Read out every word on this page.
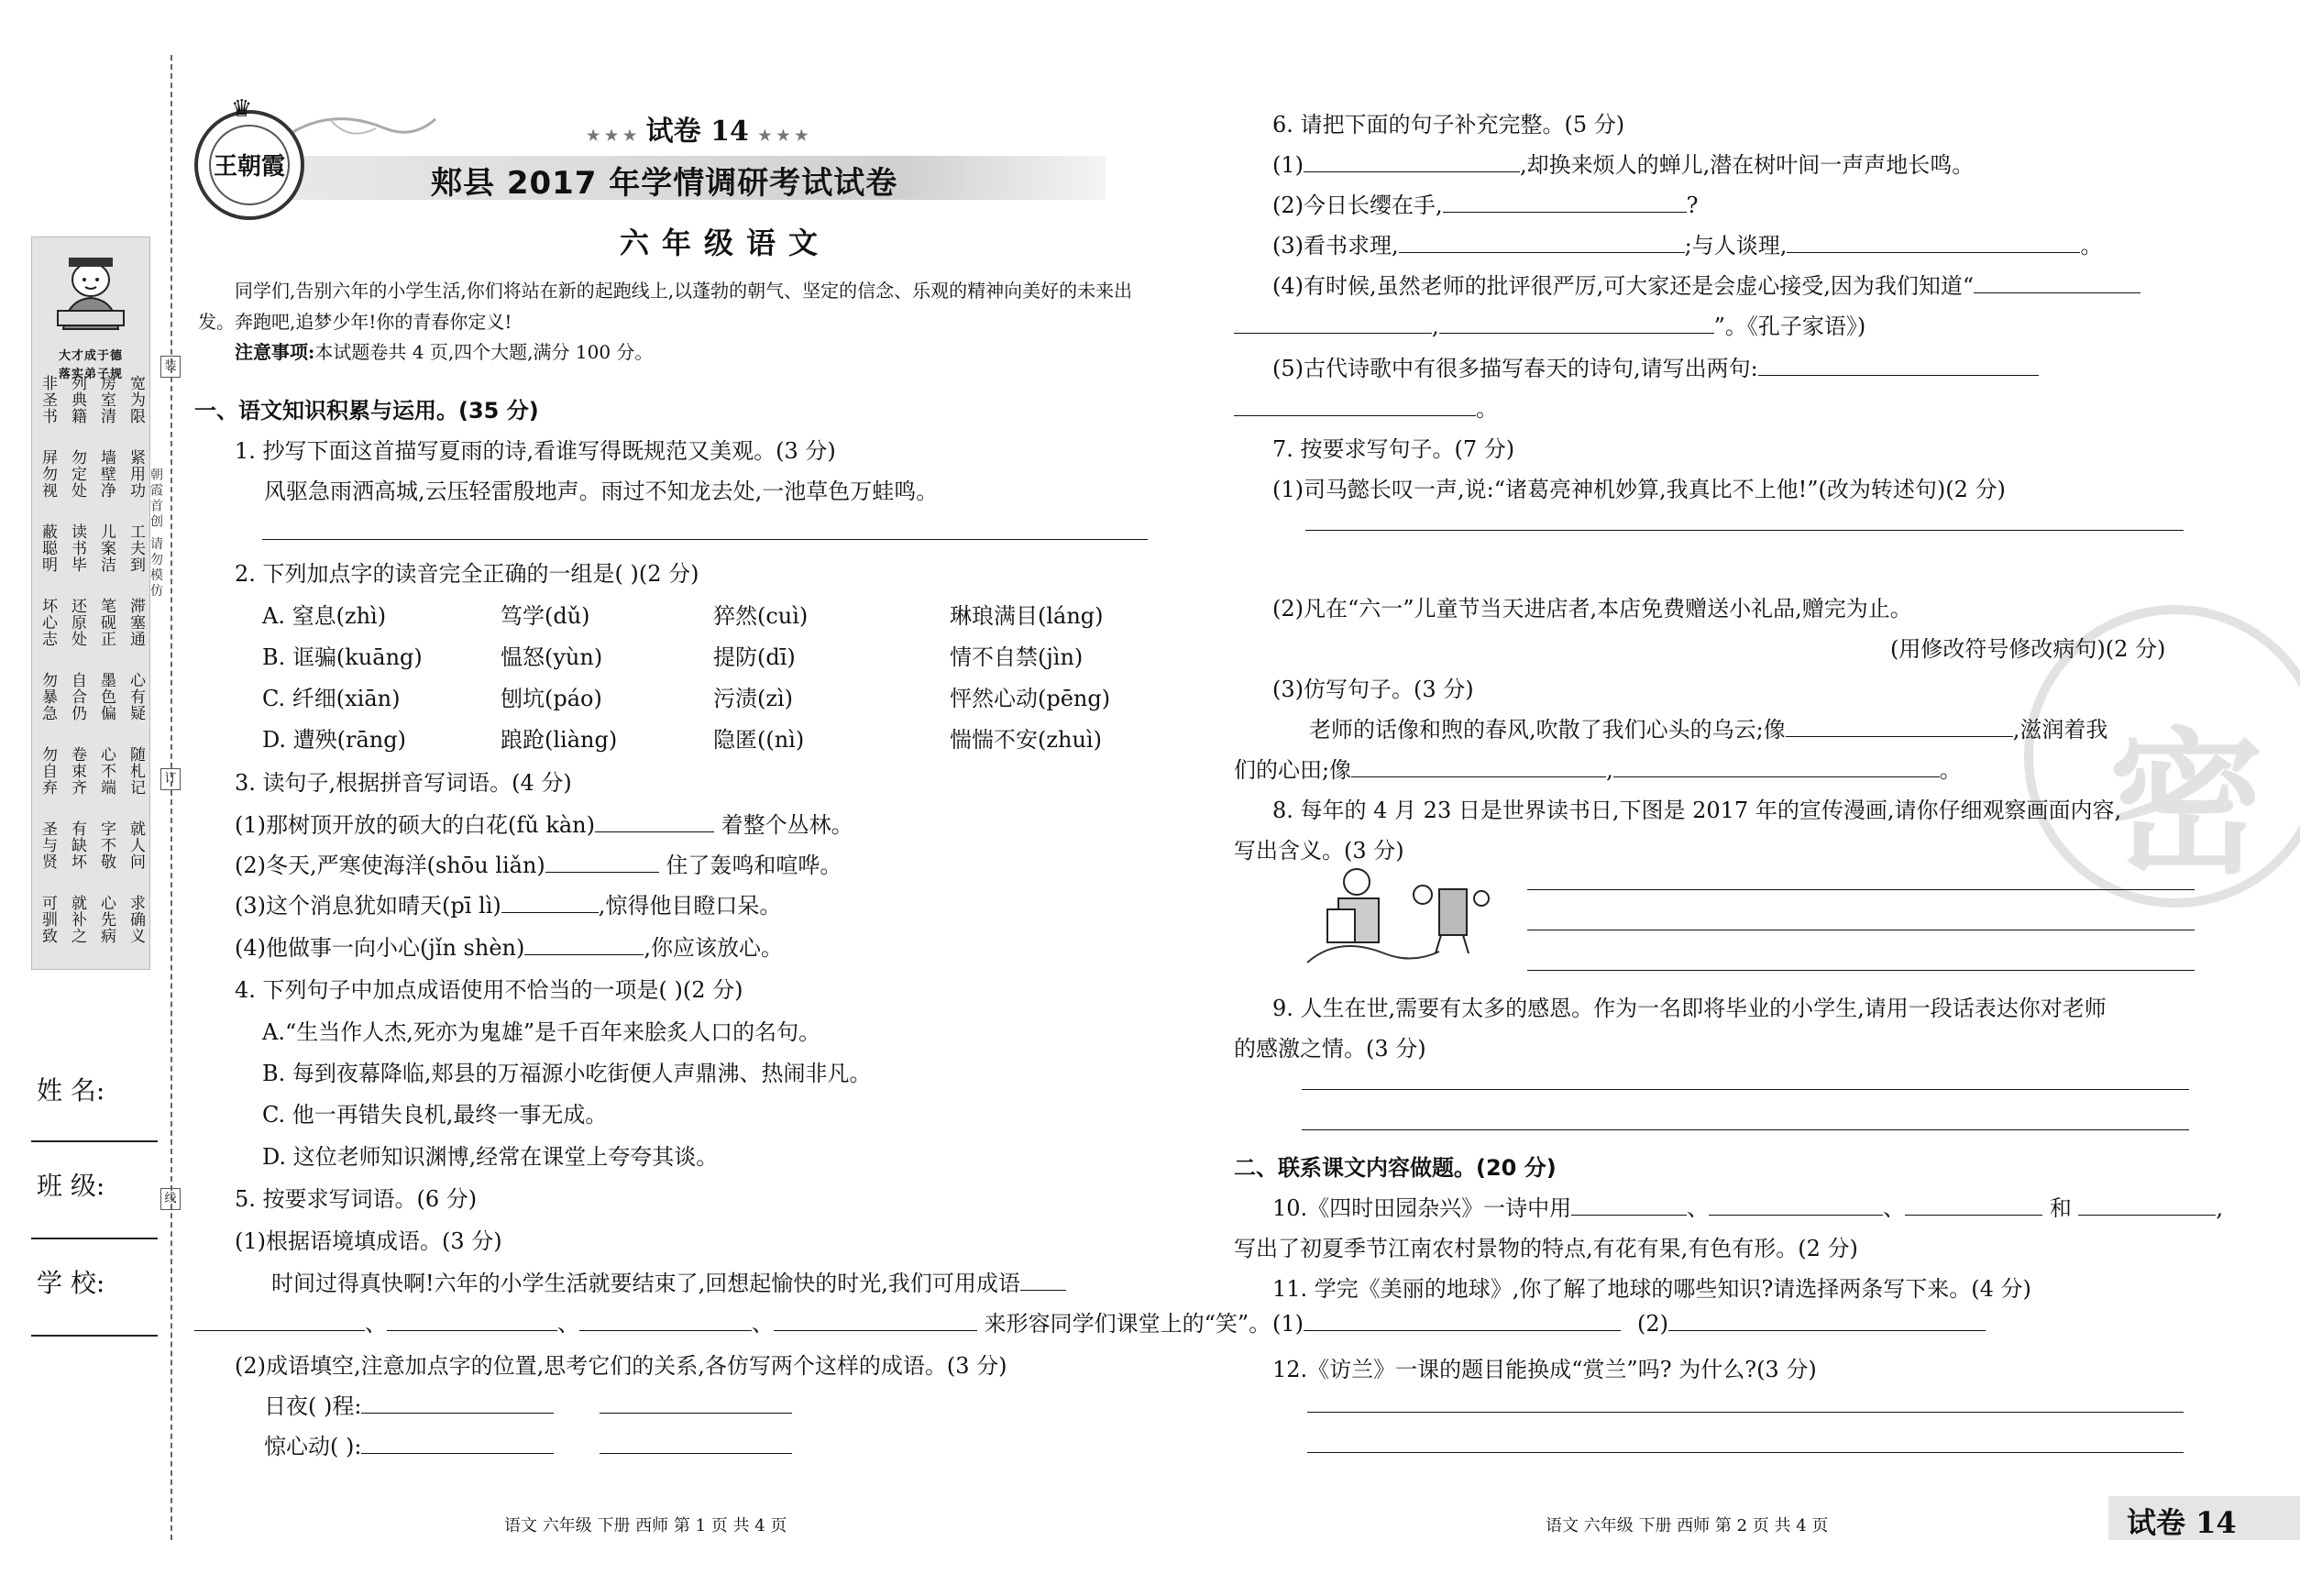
大才成于德
落实弟子规
非圣书 列典籍 房室清 宽为限
屏勿视 勿定处 墙壁净 紧用功
蔽聪明 读书毕 儿案洁 工夫到
坏心志 还原处 笔砚正 滞塞通
勿暴急 自合仍 墨色偏 心有疑
勿自弃 卷束齐 心不端 随札记
圣与贤 有缺坏 字不敬 就人问
可驯致 就补之 心先病 求确义
朝霞首创 请勿模仿
装
订
线
姓 名:
班 级:
学 校:
♛
王朝霞
★ ★ ★ 试卷 14 ★ ★ ★
郏县 2017 年学情调研考试试卷
六年级语文
同学们,告别六年的小学生活,你们将站在新的起跑线上,以蓬勃的朝气、坚定的信念、乐观的精神向美好的未来出发。奔跑吧,追梦少年!你的青春你定义!
注意事项:本试题卷共 4 页,四个大题,满分 100 分。
一、语文知识积累与运用。(35 分)
1. 抄写下面这首描写夏雨的诗,看谁写得既规范又美观。(3 分)
风驱急雨洒高城,云压轻雷殷地声。雨过不知龙去处,一池草色万蛙鸣。
2. 下列加点字的读音完全正确的一组是( )(2 分)
A. 窒息(zhì)	笃学(dǔ)	猝然(cuì)	琳琅满目(láng)
B. 诓骗(kuāng)	愠怒(yùn)	提防(dī)	情不自禁(jìn)
C. 纤细(xiān)	刨坑(páo)	污渍(zì)	怦然心动(pēng)
D. 遭殃(rāng)	踉跄(liàng)	隐匿((nì)	惴惴不安(zhuì)
3. 读句子,根据拼音写词语。(4 分)
(1)那树顶开放的硕大的白花(fǔ kàn)	着整个丛林。
(2)冬天,严寒使海洋(shōu liǎn)	住了轰鸣和喧哗。
(3)这个消息犹如晴天(pī lì)	,惊得他目瞪口呆。
(4)他做事一向小心(jǐn shèn)	,你应该放心。
4. 下列句子中加点成语使用不恰当的一项是( )(2 分)
A.“生当作人杰,死亦为鬼雄”是千百年来脍炙人口的名句。
B. 每到夜幕降临,郏县的万福源小吃街便人声鼎沸、热闹非凡。
C. 他一再错失良机,最终一事无成。
D. 这位老师知识渊博,经常在课堂上夸夸其谈。
5. 按要求写词语。(6 分)
(1)根据语境填成语。(3 分)
时间过得真快啊!六年的小学生活就要结束了,回想起愉快的时光,我们可用成语
、	、	、	来形容同学们课堂上的“笑”。
(2)成语填空,注意加点字的位置,思考它们的关系,各仿写两个这样的成语。(3 分)
日夜( )程:
惊心动( ):
语文 六年级 下册 西师 第 1 页 共 4 页
密
6. 请把下面的句子补充完整。(5 分)
(1)	,却换来烦人的蝉儿,潜在树叶间一声声地长鸣。
(2)今日长缨在手,	?
(3)看书求理,	;与人谈理,	。
(4)有时候,虽然老师的批评很严厉,可大家还是会虚心接受,因为我们知道“
,	”。《孔子家语》)
(5)古代诗歌中有很多描写春天的诗句,请写出两句:
。
7. 按要求写句子。(7 分)
(1)司马懿长叹一声,说:“诸葛亮神机妙算,我真比不上他!”(改为转述句)(2 分)
(2)凡在“六一”儿童节当天进店者,本店免费赠送小礼品,赠完为止。
(用修改符号修改病句)(2 分)
(3)仿写句子。(3 分)
老师的话像和煦的春风,吹散了我们心头的乌云;像	,滋润着我
们的心田;像	,	。
8. 每年的 4 月 23 日是世界读书日,下图是 2017 年的宣传漫画,请你仔细观察画面内容,
写出含义。(3 分)
9. 人生在世,需要有太多的感恩。作为一名即将毕业的小学生,请用一段话表达你对老师
的感激之情。(3 分)
二、联系课文内容做题。(20 分)
10.《四时田园杂兴》一诗中用	、	、	和	,
写出了初夏季节江南农村景物的特点,有花有果,有色有形。(2 分)
11. 学完《美丽的地球》,你了解了地球的哪些知识?请选择两条写下来。(4 分)
(1)	(2)
12.《访兰》一课的题目能换成“赏兰”吗? 为什么?(3 分)
语文 六年级 下册 西师 第 2 页 共 4 页	试卷 14
